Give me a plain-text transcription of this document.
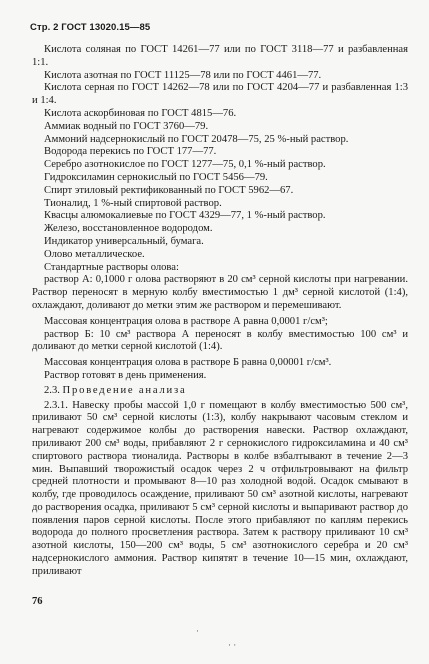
Стр. 2 ГОСТ 13020.15—85

Кислота соляная по ГОСТ 14261—77 или по ГОСТ 3118—77 и разбавленная 1:1.

Кислота азотная по ГОСТ 11125—78 или по ГОСТ 4461—77.

Кислота серная по ГОСТ 14262—78 или по ГОСТ 4204—77 и разбавленная 1:3 и 1:4.

Кислота аскорбиновая по ГОСТ 4815—76.

Аммиак водный по ГОСТ 3760—79.

Аммоний надсернокислый по ГОСТ 20478—75, 25 %-ный раствор.

Водорода перекись по ГОСТ 177—77.

Серебро азотнокислое по ГОСТ 1277—75, 0,1 %-ный раствор.

Гидроксиламин сернокислый по ГОСТ 5456—79.

Спирт этиловый ректификованный по ГОСТ 5962—67.

Тионалид, 1 %-ный спиртовой раствор.

Квасцы алюмокалиевые по ГОСТ 4329—77, 1 %-ный раствор.

Железо, восстановленное водородом.

Индикатор универсальный, бумага.

Олово металлическое.

Стандартные растворы олова:

раствор А: 0,1000 г олова растворяют в 20 см³ серной кислоты при нагревании. Раствор переносят в мерную колбу вместимостью 1 дм³ серной кислотой (1:4), охлаждают, доливают до метки этим же раствором и перемешивают.

Массовая концентрация олова в растворе А равна 0,0001 г/см³;

раствор Б: 10 см³ раствора А переносят в колбу вместимостью 100 см³ и доливают до метки серной кислотой (1:4).

Массовая концентрация олова в растворе Б равна 0,00001 г/см³.

Раствор готовят в день применения.

2.3. Проведение анализа

2.3.1. Навеску пробы массой 1,0 г помещают в колбу вместимостью 500 см³, приливают 50 см³ серной кислоты (1:3), колбу накрывают часовым стеклом и нагревают содержимое колбы до растворения навески. Раствор охлаждают, приливают 200 см³ воды, прибавляют 2 г сернокислого гидроксиламина и 40 см³ спиртового раствора тионалида. Растворы в колбе взбалтывают в течение 2—3 мин. Выпавший творожистый осадок через 2 ч отфильтровывают на фильтр средней плотности и промывают 8—10 раз холодной водой. Осадок смывают в колбу, где проводилось осаждение, приливают 50 см³ азотной кислоты, нагревают до растворения осадка, приливают 5 см³ серной кислоты и выпаривают раствор до появления паров серной кислоты. После этого прибавляют по каплям перекись водорода до полного просветления раствора. Затем к раствору приливают 10 см³ азотной кислоты, 150—200 см³ воды, 5 см³ азотнокислого серебра и 20 см³ надсернокислого аммония. Раствор кипятят в течение 10—15 мин, охлаждают, приливают

76
·
· ·
